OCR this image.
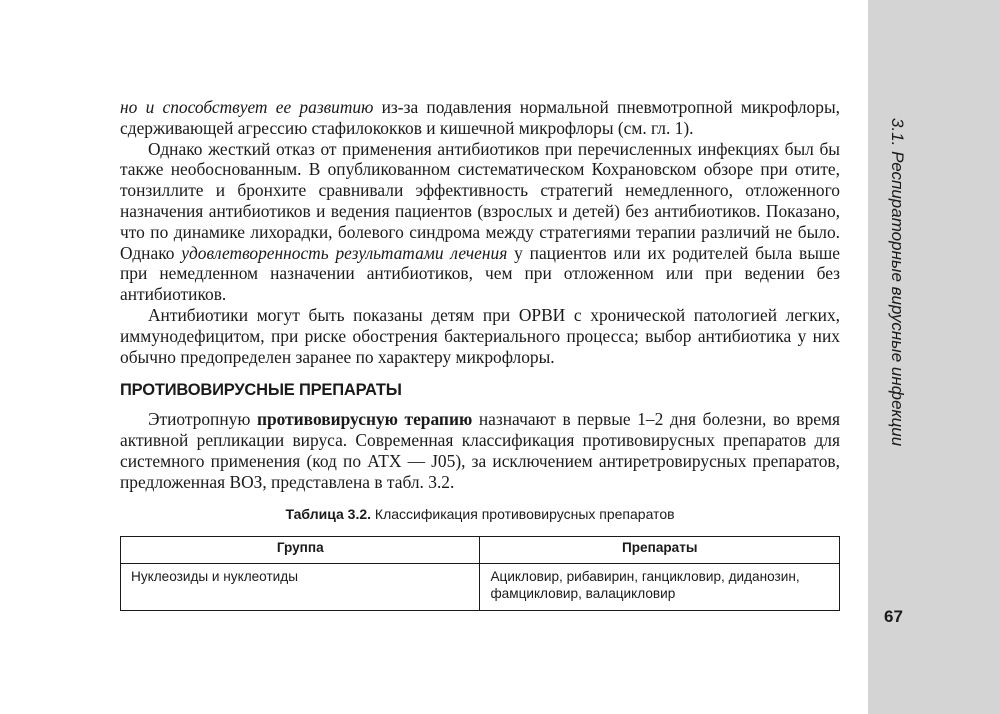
3.1. Респираторные вирусные инфекции
67

но и способствует ее развитию из-за подавления нормальной пневмотропной микрофлоры, сдерживающей агрессию стафилококков и кишечной микрофлоры (см. гл. 1).

Однако жесткий отказ от применения антибиотиков при перечисленных инфекциях был бы также необоснованным. В опубликованном систематическом Кохрановском обзоре при отите, тонзиллите и бронхите сравнивали эффективность стратегий немедленного, отложенного назначения антибиотиков и ведения пациентов (взрослых и детей) без антибиотиков. Показано, что по динамике лихорадки, болевого синдрома между стратегиями терапии различий не было. Однако удовлетворенность результатами лечения у пациентов или их родителей была выше при немедленном назначении антибиотиков, чем при отложенном или при ведении без антибиотиков.

Антибиотики могут быть показаны детям при ОРВИ с хронической патологией легких, иммунодефицитом, при риске обострения бактериального процесса; выбор антибиотика у них обычно предопределен заранее по характеру микрофлоры.

ПРОТИВОВИРУСНЫЕ ПРЕПАРАТЫ

Этиотропную противовирусную терапию назначают в первые 1–2 дня болезни, во время активной репликации вируса. Современная классификация противовирусных препаратов для системного применения (код по АТХ — J05), за исключением антиретровирусных препаратов, предложенная ВОЗ, представлена в табл. 3.2.

Таблица 3.2. Классификация противовирусных препаратов
Группа	Препараты
Нуклеозиды и нуклеотиды	Ацикловир, рибавирин, ганцикловир, диданозин, фамцикловир, валацикловир
